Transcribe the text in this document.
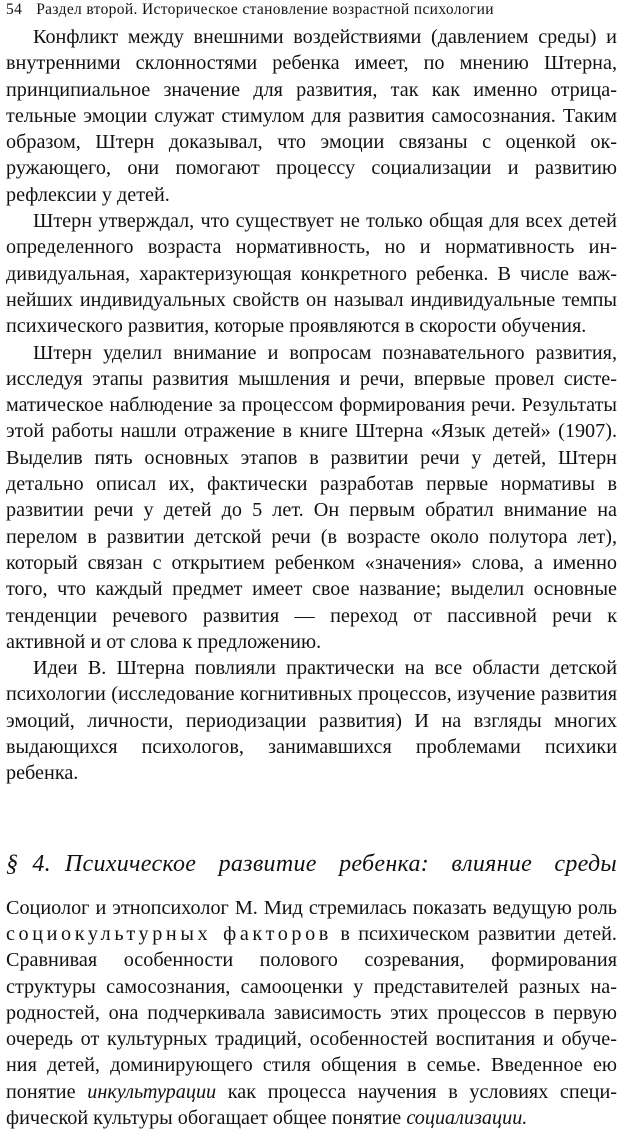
54 Раздел второй. Историческое становление возрастной психологии

Конфликт между внешними воздействиями (давлением среды) и внутренними склонностями ребенка имеет, по мнению Штерна, принципиальное значение для развития, так как именно отрицательные эмоции служат стимулом для развития самосознания. Таким образом, Штерн доказывал, что эмоции связаны с оценкой окружающего, они помогают процессу социализации и развитию рефлексии у детей.

Штерн утверждал, что существует не только общая для всех детей определенного возраста нормативность, но и нормативность индивидуальная, характеризующая конкретного ребенка. В числе важнейших индивидуальных свойств он называл индивидуальные темпы психического развития, которые проявляются в скорости обучения.

Штерн уделил внимание и вопросам познавательного развития, исследуя этапы развития мышления и речи, впервые провел систематическое наблюдение за процессом формирования речи. Результаты этой работы нашли отражение в книге Штерна «Язык детей» (1907). Выделив пять основных этапов в развитии речи у детей, Штерн детально описал их, фактически разработав первые нормативы в развитии речи у детей до 5 лет. Он первым обратил внимание на перелом в развитии детской речи (в возрасте около полутора лет), который связан с открытием ребенком «значения» слова, а именно того, что каждый предмет имеет свое название; выделил основные тенденции речевого развития — переход от пассивной речи к активной и от слова к предложению.

Идеи В. Штерна повлияли практически на все области детской психологии (исследование когнитивных процессов, изучение развития эмоций, личности, периодизации развития) И на взгляды многих выдающихся психологов, занимавшихся проблемами психики ребенка.

§ 4. Психическое развитие ребенка: влияние среды

Социолог и этнопсихолог М. Мид стремилась показать ведущую роль социокультурных факторов в психическом развитии детей. Сравнивая особенности полового созревания, формирования структуры самосознания, самооценки у представителей разных народностей, она подчеркивала зависимость этих процессов в первую очередь от культурных традиций, особенностей воспитания и обучения детей, доминирующего стиля общения в семье. Введенное ею понятие инкультурации как процесса научения в условиях специфической культуры обогащает общее понятие социализации.
